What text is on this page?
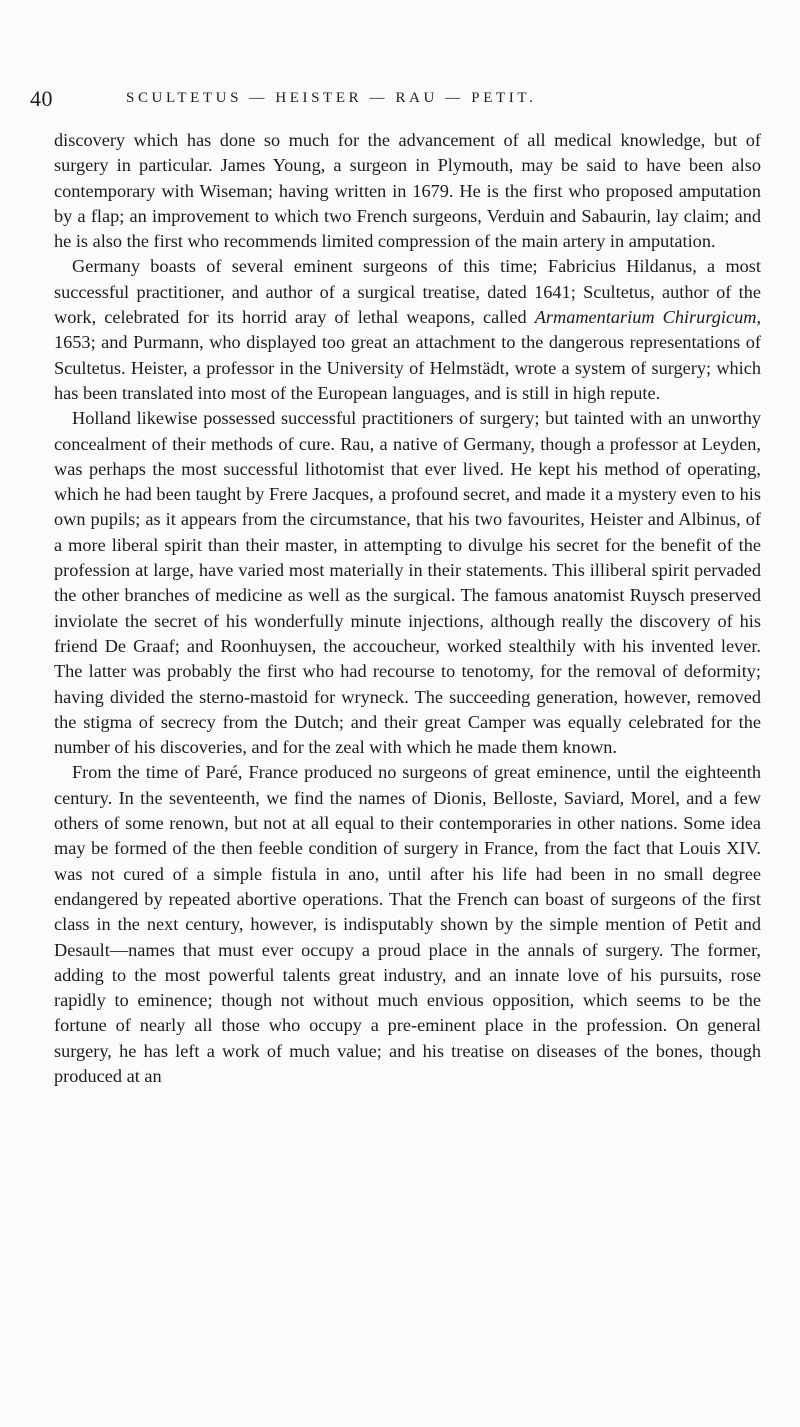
40	SCULTETUS — HEISTER — RAU — PETIT.

discovery which has done so much for the advancement of all medical knowledge, but of surgery in particular. James Young, a surgeon in Plymouth, may be said to have been also contemporary with Wiseman; having written in 1679. He is the first who proposed amputation by a flap; an improvement to which two French surgeons, Verduin and Sabaurin, lay claim; and he is also the first who recommends limited compression of the main artery in amputation.

Germany boasts of several eminent surgeons of this time; Fabricius Hildanus, a most successful practitioner, and author of a surgical treatise, dated 1641; Scultetus, author of the work, celebrated for its horrid aray of lethal weapons, called Armamentarium Chirurgicum, 1653; and Purmann, who displayed too great an attachment to the dangerous representations of Scultetus. Heister, a professor in the University of Helmstädt, wrote a system of surgery; which has been translated into most of the European languages, and is still in high repute.

Holland likewise possessed successful practitioners of surgery; but tainted with an unworthy concealment of their methods of cure. Rau, a native of Germany, though a professor at Leyden, was perhaps the most successful lithotomist that ever lived. He kept his method of operating, which he had been taught by Frere Jacques, a profound secret, and made it a mystery even to his own pupils; as it appears from the circumstance, that his two favourites, Heister and Albinus, of a more liberal spirit than their master, in attempting to divulge his secret for the benefit of the profession at large, have varied most materially in their statements. This illiberal spirit pervaded the other branches of medicine as well as the surgical. The famous anatomist Ruysch preserved inviolate the secret of his wonderfully minute injections, although really the discovery of his friend De Graaf; and Roonhuysen, the accoucheur, worked stealthily with his invented lever. The latter was probably the first who had recourse to tenotomy, for the removal of deformity; having divided the sterno-mastoid for wryneck. The succeeding generation, however, removed the stigma of secrecy from the Dutch; and their great Camper was equally celebrated for the number of his discoveries, and for the zeal with which he made them known.

From the time of Paré, France produced no surgeons of great eminence, until the eighteenth century. In the seventeenth, we find the names of Dionis, Belloste, Saviard, Morel, and a few others of some renown, but not at all equal to their contemporaries in other nations. Some idea may be formed of the then feeble condition of surgery in France, from the fact that Louis XIV. was not cured of a simple fistula in ano, until after his life had been in no small degree endangered by repeated abortive operations. That the French can boast of surgeons of the first class in the next century, however, is indisputably shown by the simple mention of Petit and Desault—names that must ever occupy a proud place in the annals of surgery. The former, adding to the most powerful talents great industry, and an innate love of his pursuits, rose rapidly to eminence; though not without much envious opposition, which seems to be the fortune of nearly all those who occupy a pre-eminent place in the profession. On general surgery, he has left a work of much value; and his treatise on diseases of the bones, though produced at an
